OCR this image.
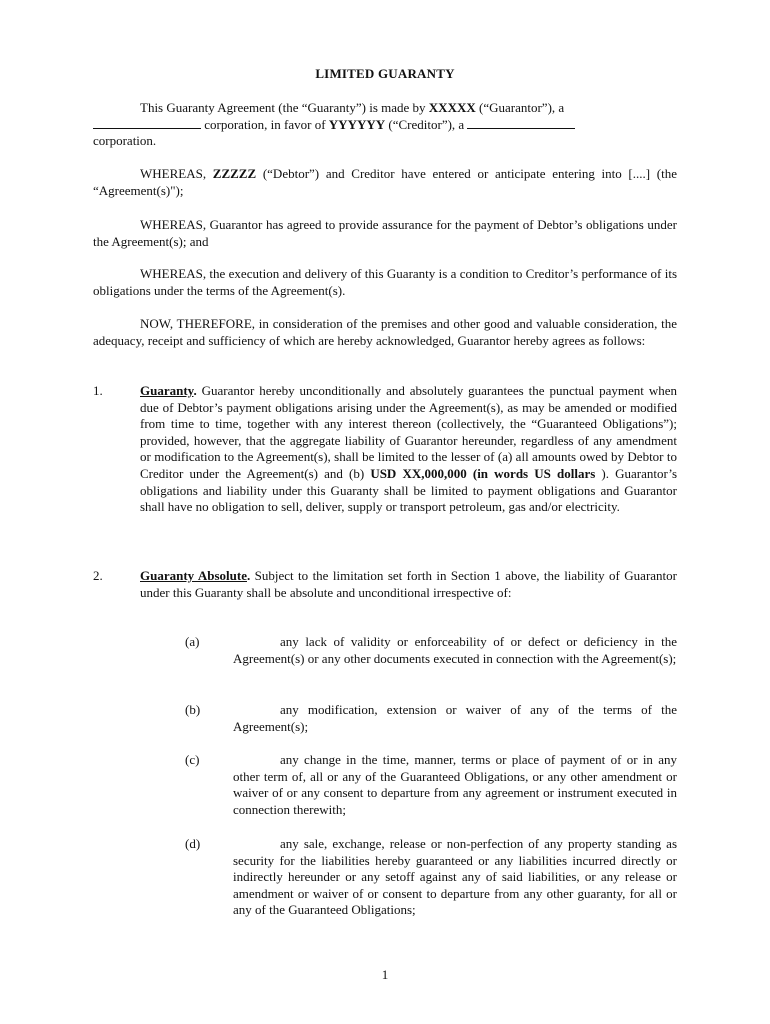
LIMITED GUARANTY

This Guaranty Agreement (the “Guaranty”) is made by XXXXX (“Guarantor”), a
corporation, in favor of YYYYYY (“Creditor”), a
corporation.

WHEREAS, ZZZZZ (“Debtor”) and Creditor have entered or anticipate entering into [....] (the “Agreement(s)");

WHEREAS, Guarantor has agreed to provide assurance for the payment of Debtor’s obligations under the Agreement(s); and

WHEREAS, the execution and delivery of this Guaranty is a condition to Creditor’s performance of its obligations under the terms of the Agreement(s).

NOW, THEREFORE, in consideration of the premises and other good and valuable consideration, the adequacy, receipt and sufficiency of which are hereby acknowledged, Guarantor hereby agrees as follows:

1.	Guaranty. Guarantor hereby unconditionally and absolutely guarantees the punctual payment when due of Debtor’s payment obligations arising under the Agreement(s), as may be amended or modified from time to time, together with any interest thereon (collectively, the “Guaranteed Obligations”); provided, however, that the aggregate liability of Guarantor hereunder, regardless of any amendment or modification to the Agreement(s), shall be limited to the lesser of (a) all amounts owed by Debtor to Creditor under the Agreement(s) and (b) USD XX,000,000 (in words US dollars ). Guarantor’s obligations and liability under this Guaranty shall be limited to payment obligations and Guarantor shall have no obligation to sell, deliver, supply or transport petroleum, gas and/or electricity.

2.	Guaranty Absolute. Subject to the limitation set forth in Section 1 above, the liability of Guarantor under this Guaranty shall be absolute and unconditional irrespective of:

(a)	any lack of validity or enforceability of or defect or deficiency in the Agreement(s) or any other documents executed in connection with the Agreement(s);

(b)	any modification, extension or waiver of any of the terms of the Agreement(s);

(c)	any change in the time, manner, terms or place of payment of or in any other term of, all or any of the Guaranteed Obligations, or any other amendment or waiver of or any consent to departure from any agreement or instrument executed in connection therewith;

(d)	any sale, exchange, release or non-perfection of any property standing as security for the liabilities hereby guaranteed or any liabilities incurred directly or indirectly hereunder or any setoff against any of said liabilities, or any release or amendment or waiver of or consent to departure from any other guaranty, for all or any of the Guaranteed Obligations;

1
